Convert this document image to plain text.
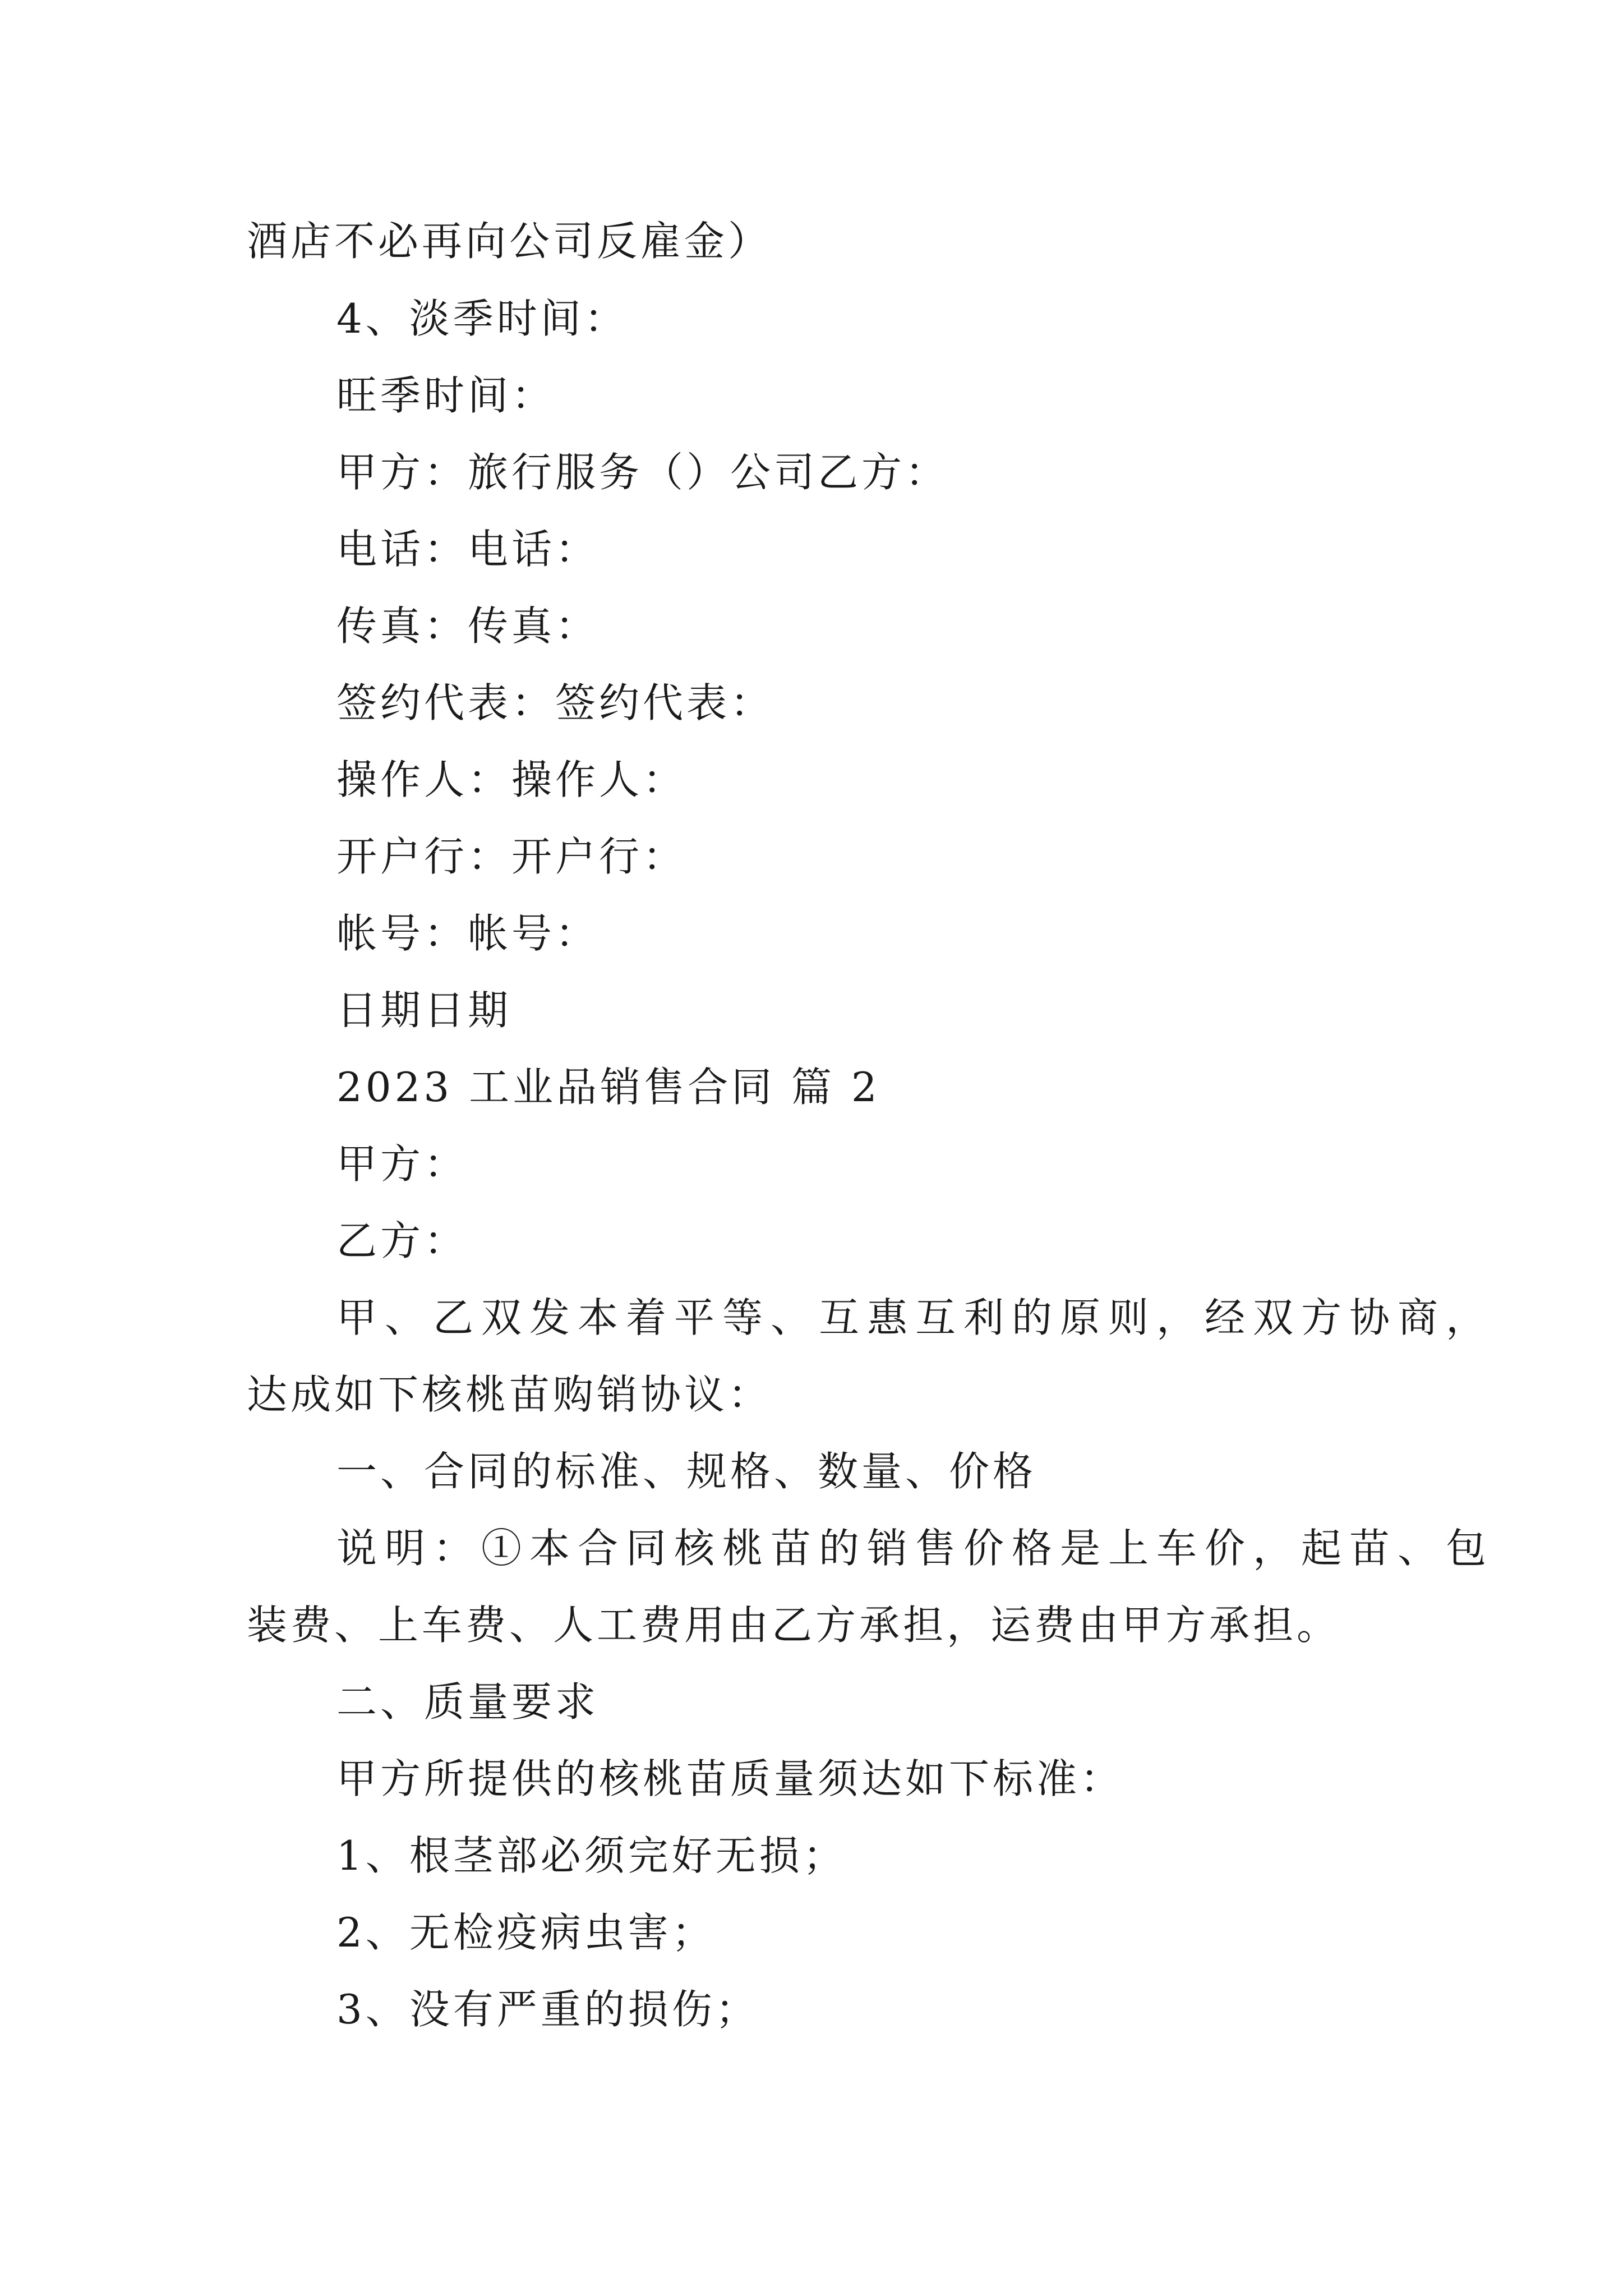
酒店不必再向公司反雇金）
4、淡季时间：
旺季时间：
甲方：旅行服务（）公司乙方：
电话：电话：
传真：传真：
签约代表：签约代表：
操作人：操作人：
开户行：开户行：
帐号：帐号：
日期日期
2023 工业品销售合同 篇 2
甲方：
乙方：
甲、乙双发本着平等、互惠互利的原则，经双方协商，
达成如下核桃苗购销协议：
一、合同的标准、规格、数量、价格
说明：①本合同核桃苗的销售价格是上车价，起苗、包
装费、上车费、人工费用由乙方承担，运费由甲方承担。
二、质量要求
甲方所提供的核桃苗质量须达如下标准：
1、根茎部必须完好无损；
2、无检疫病虫害；
3、没有严重的损伤；
